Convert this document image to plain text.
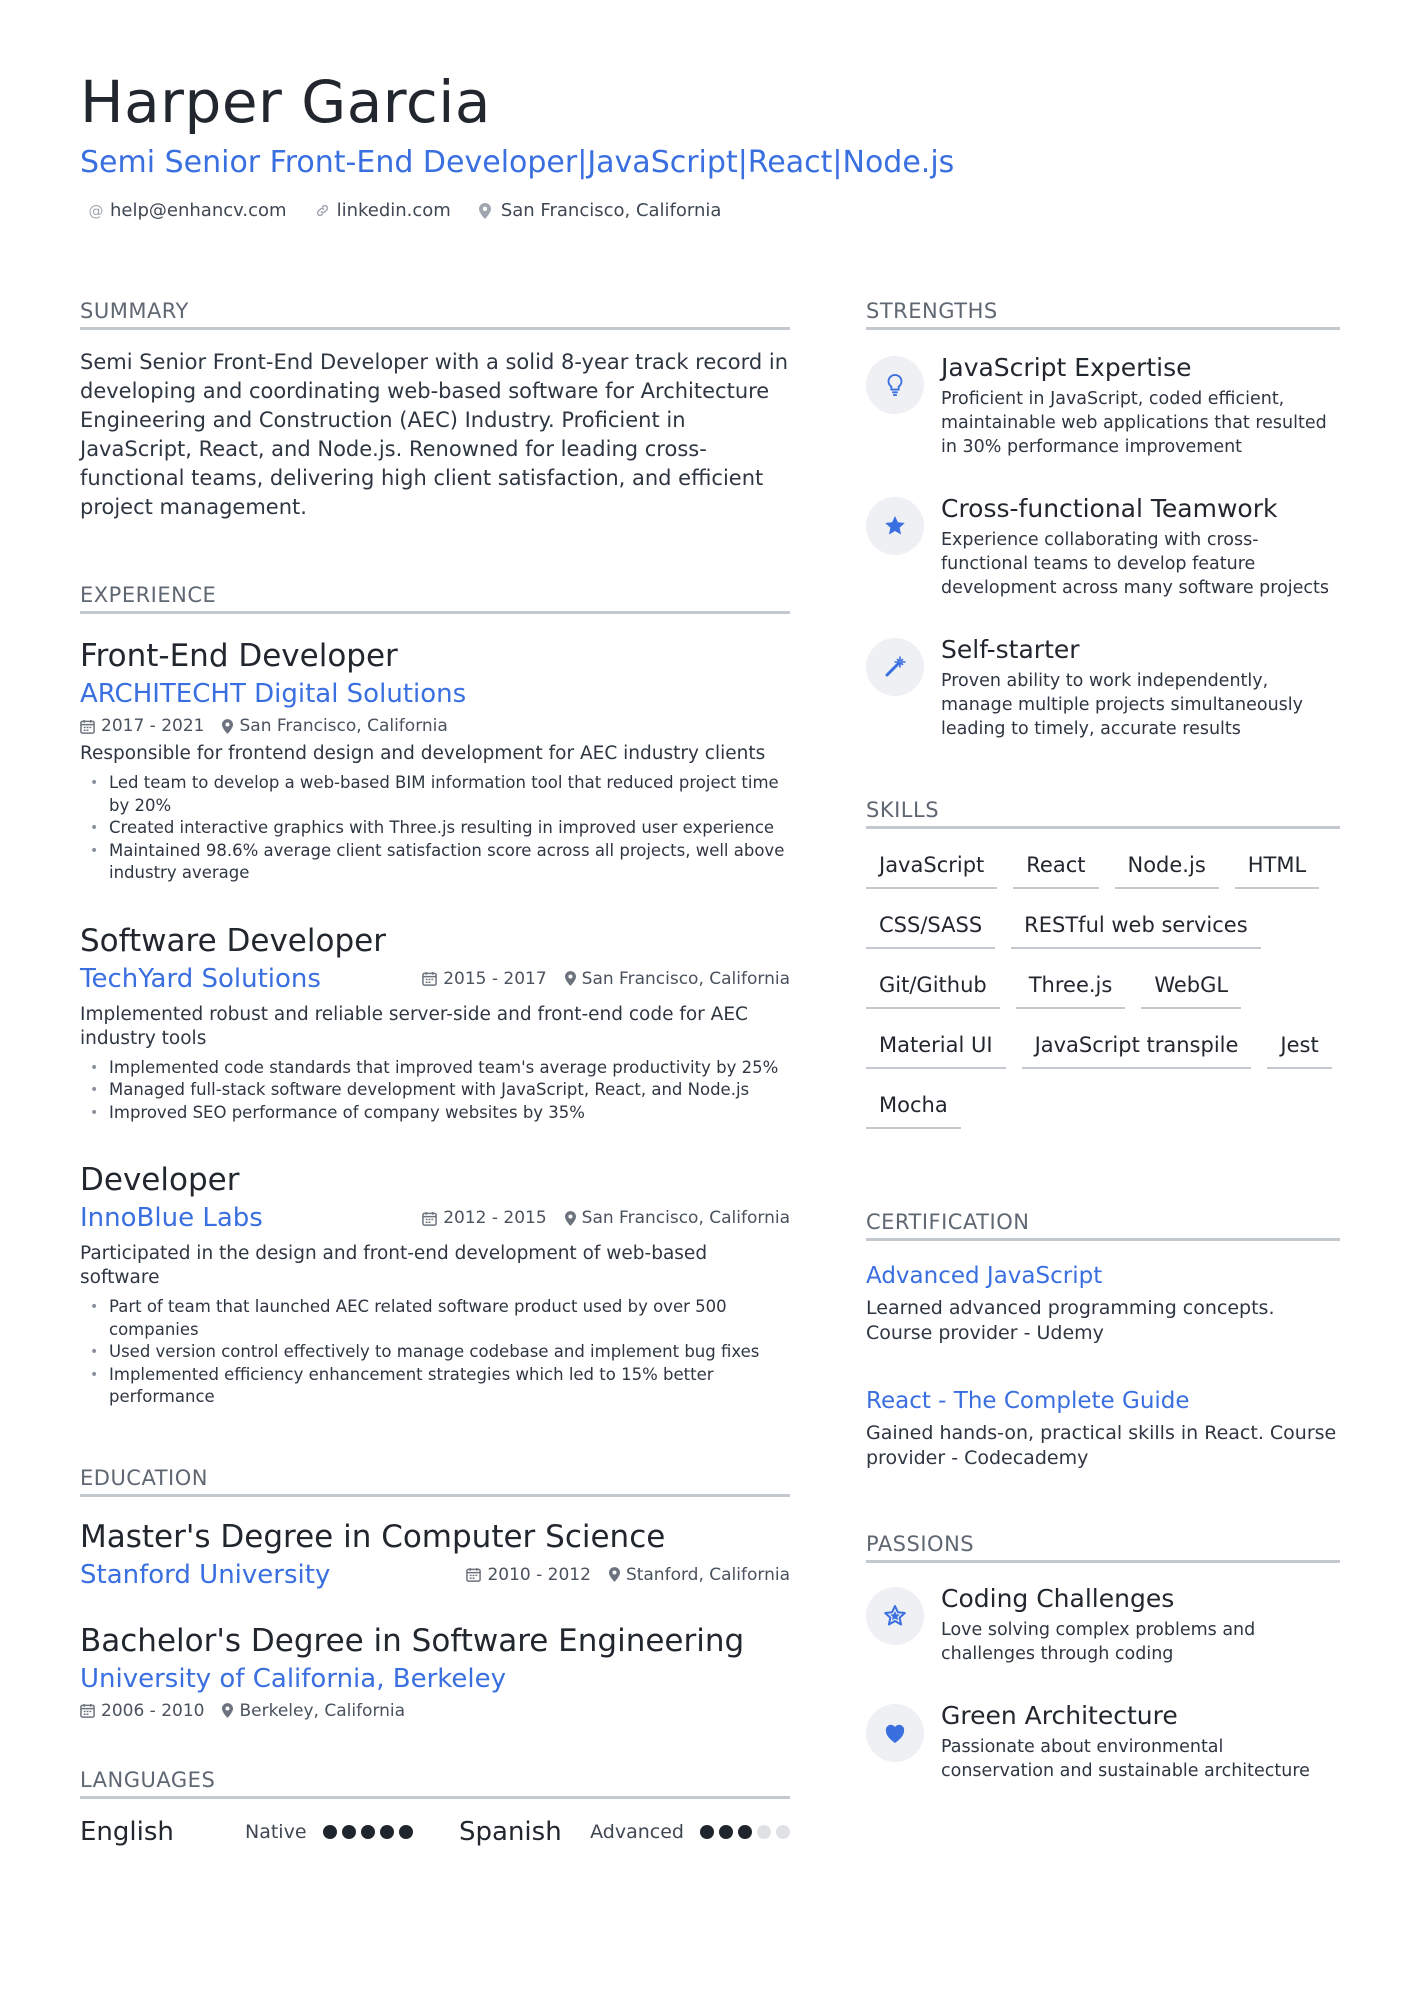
Harper Garcia
Semi Senior Front-End Developer|JavaScript|React|Node.js
@ help@enhancv.com	linkedin.com	San Francisco, California
SUMMARY

Semi Senior Front-End Developer with a solid 8-year track record in developing and coordinating web-based software for Architecture Engineering and Construction (AEC) Industry. Proficient in JavaScript, React, and Node.js. Renowned for leading cross-functional teams, delivering high client satisfaction, and efficient project management.

EXPERIENCE
Front-End Developer
ARCHITECHT Digital Solutions
2017 - 2021 San Francisco, California
Responsible for frontend design and development for AEC industry clients
• Led team to develop a web-based BIM information tool that reduced project time by 20%
• Created interactive graphics with Three.js resulting in improved user experience
• Maintained 98.6% average client satisfaction score across all projects, well above industry average
Software Developer
TechYard Solutions	2015 - 2017 San Francisco, California
Implemented robust and reliable server-side and front-end code for AEC industry tools
• Implemented code standards that improved team's average productivity by 25%
• Managed full-stack software development with JavaScript, React, and Node.js
• Improved SEO performance of company websites by 35%
Developer
InnoBlue Labs	2012 - 2015 San Francisco, California
Participated in the design and front-end development of web-based software
• Part of team that launched AEC related software product used by over 500 companies
• Used version control effectively to manage codebase and implement bug fixes
• Implemented efficiency enhancement strategies which led to 15% better performance
EDUCATION
Master's Degree in Computer Science
Stanford University	2010 - 2012 Stanford, California
Bachelor's Degree in Software Engineering
University of California, Berkeley
2006 - 2010 Berkeley, California
LANGUAGES
English	Native	Spanish	Advanced
STRENGTHS
JavaScript Expertise
Proficient in JavaScript, coded efficient, maintainable web applications that resulted in 30% performance improvement
Cross-functional Teamwork
Experience collaborating with cross-functional teams to develop feature development across many software projects
Self-starter
Proven ability to work independently, manage multiple projects simultaneously leading to timely, accurate results
SKILLS
JavaScript	React	Node.js	HTML
CSS/SASS	RESTful web services
Git/Github	Three.js	WebGL
Material UI	JavaScript transpile	Jest
Mocha
CERTIFICATION
Advanced JavaScript
Learned advanced programming concepts. Course provider - Udemy
React - The Complete Guide
Gained hands-on, practical skills in React. Course provider - Codecademy
PASSIONS
Coding Challenges
Love solving complex problems and challenges through coding
Green Architecture
Passionate about environmental conservation and sustainable architecture
